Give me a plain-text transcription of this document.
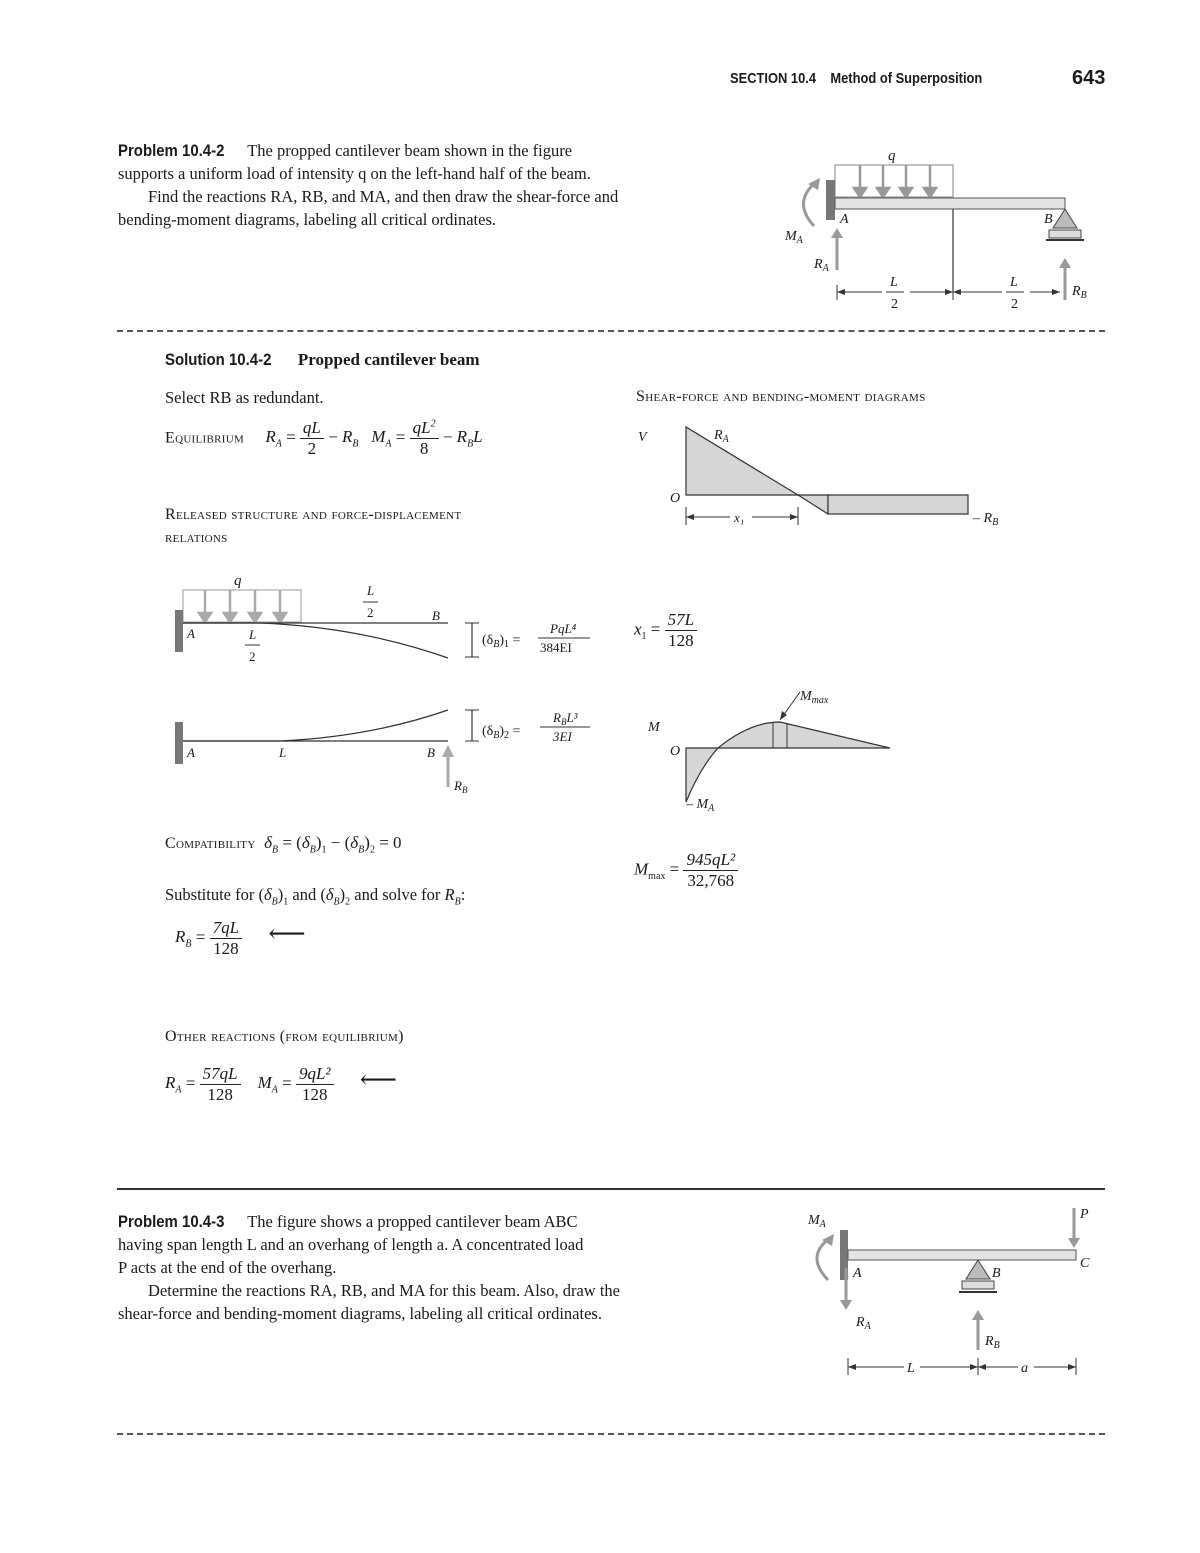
SECTION 10.4 Method of Superposition	643
Problem 10.4-2 The propped cantilever beam shown in the figure
supports a uniform load of intensity q on the left-hand half of the beam.
Find the reactions RA, RB, and MA, and then draw the shear-force and
bending-moment diagrams, labeling all critical ordinates.
q
A	B
$M_A$
$R_A$
$R_B$
L
2
L
2
Solution 10.4-2 Propped cantilever beam
Select RB as redundant.
Equilibrium $R_A = \frac{qL}{2} - R_B$ $M_A = \frac{qL^2}{8} - R_BL$
Released structure and force-displacement
relations
q
A
B
L
2
L
2
$(\delta_B)_1$ =
PqL⁴
384EI
A	L	B
$R_B$
$(\delta_B)_2$ =
$R_BL^3$
3EI
Compatibility $\delta_B = (\delta_B)_1 - (\delta_B)_2 = 0$
Substitute for $(\delta_B)_1$ and $(\delta_B)_2$ and solve for $R_B$:
$R_B = \frac{7qL}{128}$ ⟵
Other reactions (from equilibrium)
$R_A = \frac{57qL}{128} M_A = \frac{\text{9qL²}}{128}$ ⟵
Shear-force and bending-moment diagrams
V
O
$R_A$
– $R_B$
x₁
$x_1 = \frac{57L}{128}$
M
O
$M_{max}$
– $M_A$
$M_{max} = \frac{\text{945qL²}}{32,768}$
Problem 10.4-3 The figure shows a propped cantilever beam ABC
having span length L and an overhang of length a. A concentrated load
P acts at the end of the overhang.
Determine the reactions RA, RB, and MA for this beam. Also, draw the
shear-force and bending-moment diagrams, labeling all critical ordinates.
$M_A$
A	B
C
P
$R_A$
$R_B$
L	a
